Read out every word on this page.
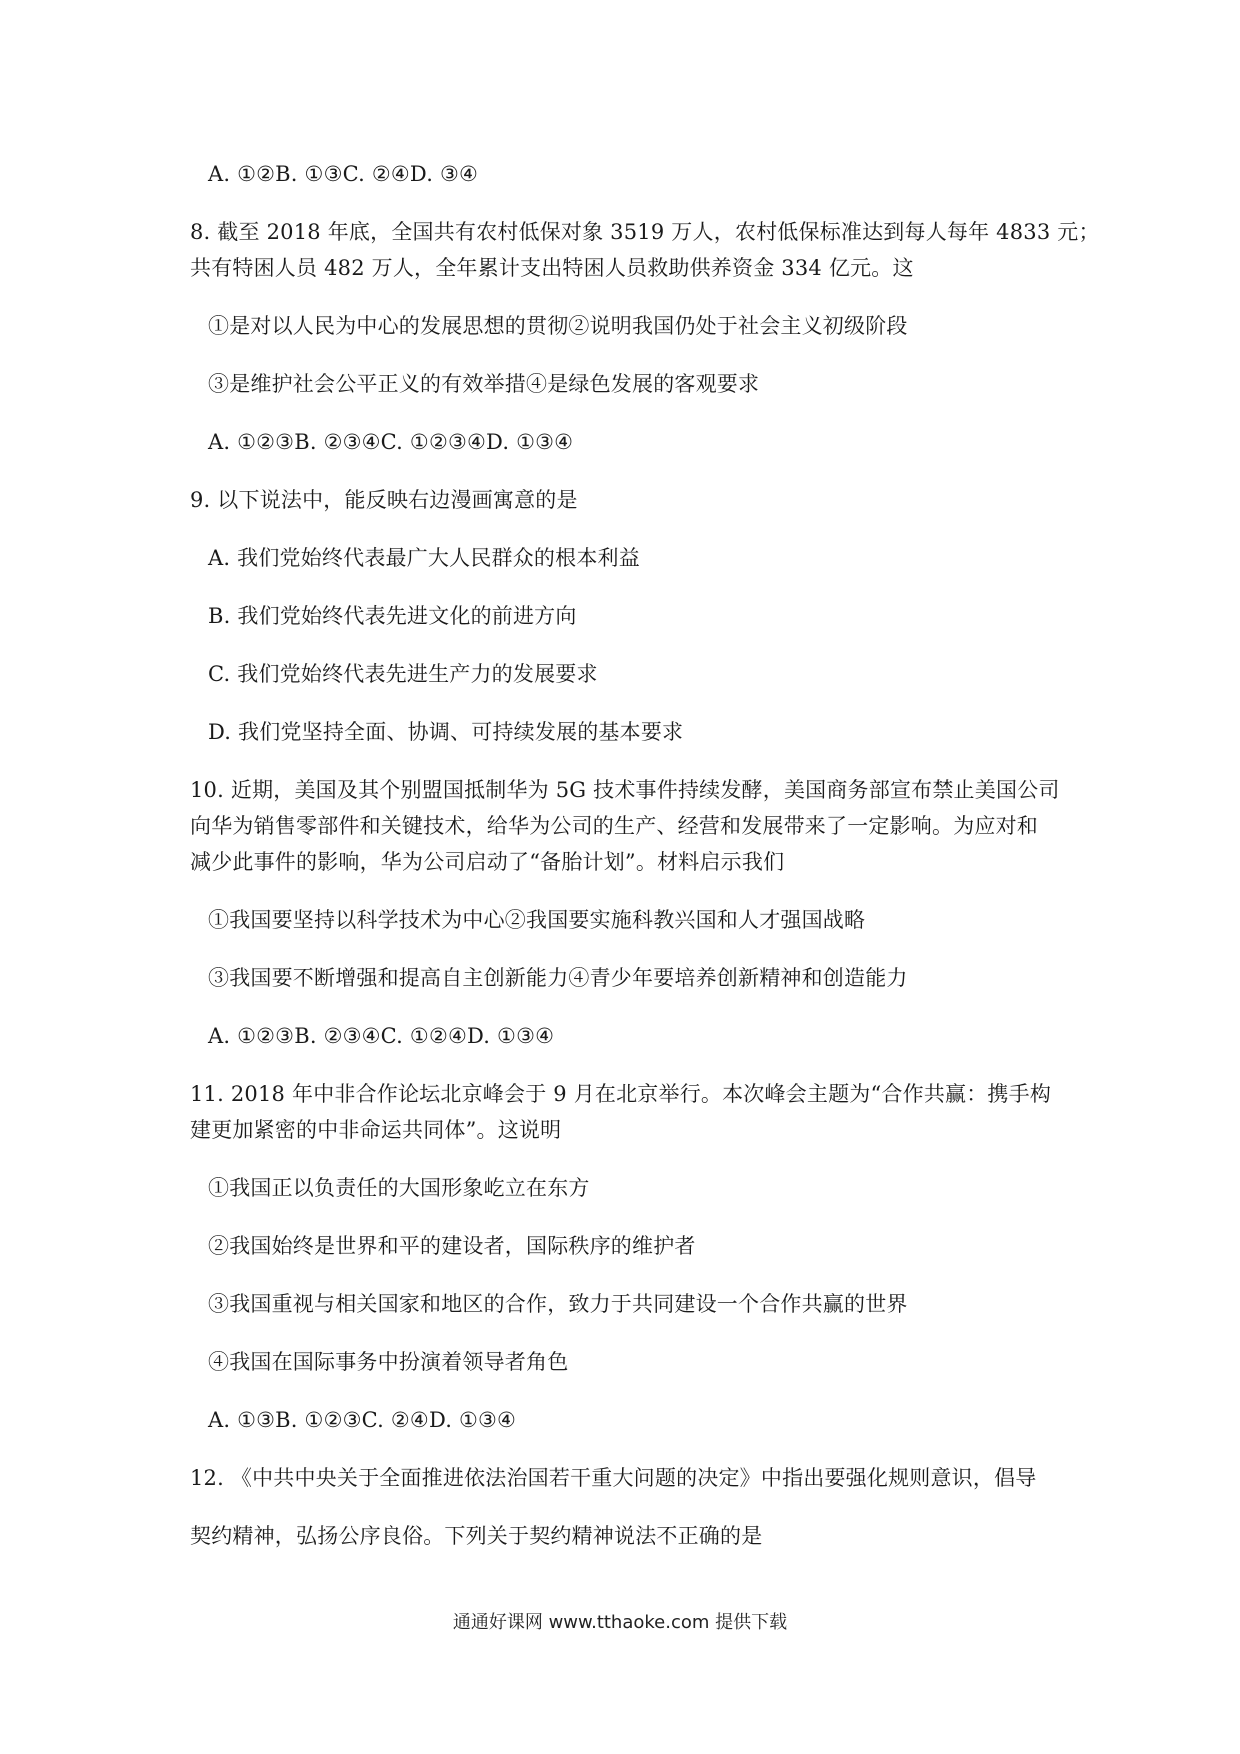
A. ①②B. ①③C. ②④D. ③④
8. 截至 2018 年底，全国共有农村低保对象 3519 万人，农村低保标准达到每人每年 4833 元；
共有特困人员 482 万人，全年累计支出特困人员救助供养资金 334 亿元。这
①是对以人民为中心的发展思想的贯彻②说明我国仍处于社会主义初级阶段
③是维护社会公平正义的有效举措④是绿色发展的客观要求
A. ①②③B. ②③④C. ①②③④D. ①③④
9. 以下说法中，能反映右边漫画寓意的是
A. 我们党始终代表最广大人民群众的根本利益
B. 我们党始终代表先进文化的前进方向
C. 我们党始终代表先进生产力的发展要求
D. 我们党坚持全面、协调、可持续发展的基本要求
10. 近期，美国及其个别盟国抵制华为 5G 技术事件持续发酵，美国商务部宣布禁止美国公司
向华为销售零部件和关键技术，给华为公司的生产、经营和发展带来了一定影响。为应对和
减少此事件的影响，华为公司启动了“备胎计划”。材料启示我们
①我国要坚持以科学技术为中心②我国要实施科教兴国和人才强国战略
③我国要不断增强和提高自主创新能力④青少年要培养创新精神和创造能力
A. ①②③B. ②③④C. ①②④D. ①③④
11. 2018 年中非合作论坛北京峰会于 9 月在北京举行。本次峰会主题为“合作共赢：携手构
建更加紧密的中非命运共同体”。这说明
①我国正以负责任的大国形象屹立在东方
②我国始终是世界和平的建设者，国际秩序的维护者
③我国重视与相关国家和地区的合作，致力于共同建设一个合作共赢的世界
④我国在国际事务中扮演着领导者角色
A. ①③B. ①②③C. ②④D. ①③④
12. 《中共中央关于全面推进依法治国若干重大问题的决定》中指出要强化规则意识，倡导
契约精神，弘扬公序良俗。下列关于契约精神说法不正确的是
通通好课网 www.tthaoke.com 提供下载
